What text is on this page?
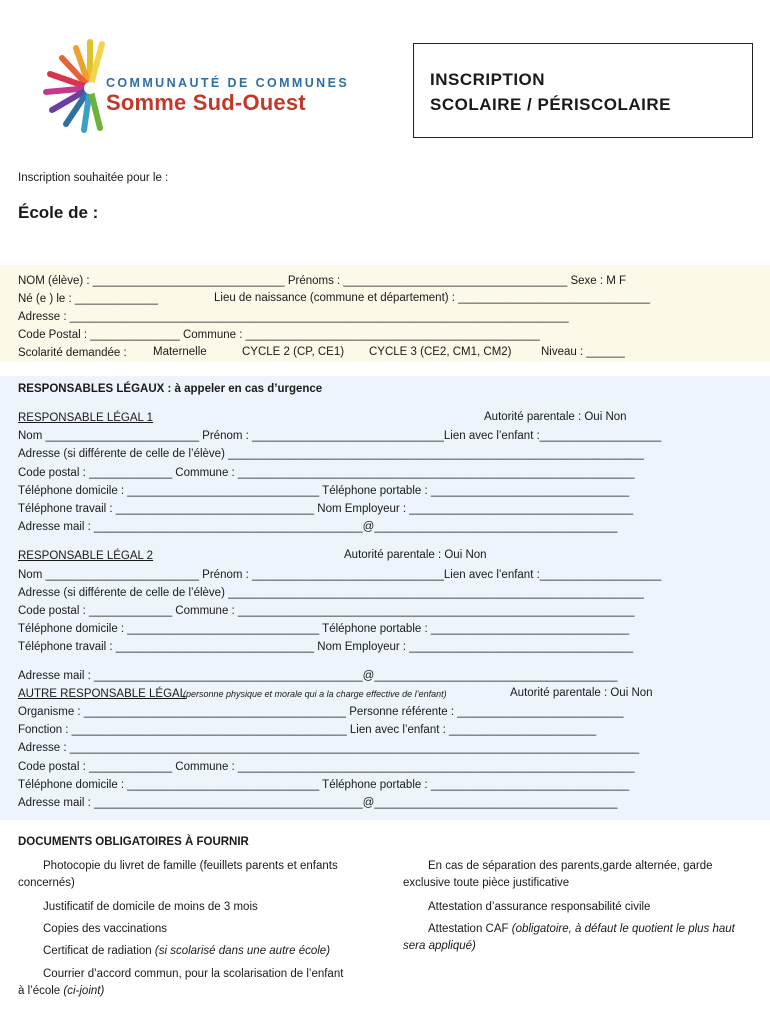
COMMUNAUTÉ DE COMMUNES
Somme Sud-Ouest
INSCRIPTION
SCOLAIRE / PÉRISCOLAIRE
Inscription souhaitée pour le :
École de :
NOM (élève) : ______________________________ Prénoms : ___________________________________ Sexe : M F
Né (e ) le : _____________	Lieu de naissance (commune et département) : ______________________________
Adresse : ______________________________________________________________________________
Code Postal : ______________ Commune : ______________________________________________
Scolarité demandée : Maternelle	CYCLE 2 (CP, CE1) CYCLE 3 (CE2, CM1, CM2)	Niveau : ______
RESPONSABLES LÉGAUX : à appeler en cas d’urgence
RESPONSABLE LÉGAL 1	Autorité parentale : Oui Non
Nom ________________________ Prénom : ______________________________Lien avec l’enfant :___________________
Adresse (si différente de celle de l’élève) _________________________________________________________________
Code postal : _____________ Commune : ______________________________________________________________
Téléphone domicile : ______________________________ Téléphone portable : _______________________________
Téléphone travail : _______________________________ Nom Employeur : ___________________________________
Adresse mail : __________________________________________@______________________________________
RESPONSABLE LÉGAL 2	Autorité parentale : Oui Non
Nom ________________________ Prénom : ______________________________Lien avec l’enfant :___________________
Adresse (si différente de celle de l’élève) _________________________________________________________________
Code postal : _____________ Commune : ______________________________________________________________
Téléphone domicile : ______________________________ Téléphone portable : _______________________________
Téléphone travail : _______________________________ Nom Employeur : ___________________________________
Adresse mail : __________________________________________@______________________________________
AUTRE RESPONSABLE LÉGAL
(personne physique et morale qui a la charge effective de l’enfant)	Autorité parentale : Oui Non
Organisme : _________________________________________ Personne référente : __________________________
Fonction : ___________________________________________ Lien avec l’enfant : _______________________
Adresse : _________________________________________________________________________________________
Code postal : _____________ Commune : ______________________________________________________________
Téléphone domicile : ______________________________ Téléphone portable : _______________________________
Adresse mail : __________________________________________@______________________________________
DOCUMENTS OBLIGATOIRES À FOURNIR
Photocopie du livret de famille (feuillets parents et enfants concernés)
Justificatif de domicile de moins de 3 mois
Copies des vaccinations
Certificat de radiation (si scolarisé dans une autre école)
Courrier d’accord commun, pour la scolarisation de l’enfant à l’école (ci-joint)
En cas de séparation des parents,garde alternée, garde exclusive toute pièce justificative
Attestation d’assurance responsabilité civile
Attestation CAF (obligatoire, à défaut le quotient le plus haut sera appliqué)
